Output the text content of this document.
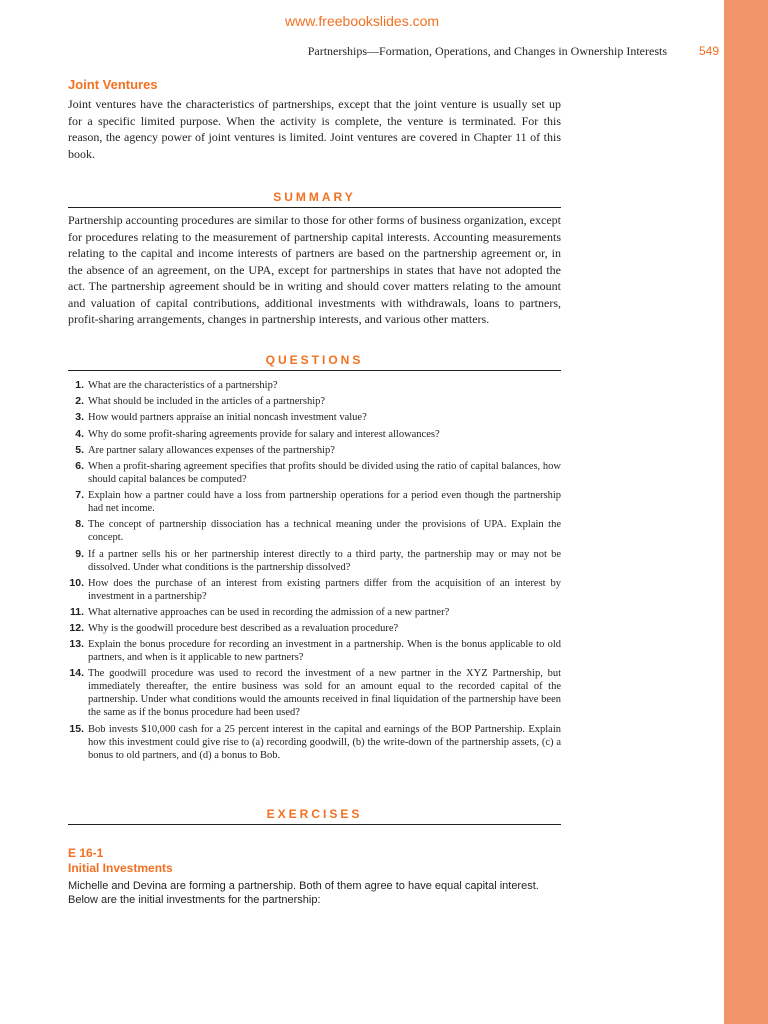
www.freebookslides.com
Partnerships—Formation, Operations, and Changes in Ownership Interests	549
Joint Ventures
Joint ventures have the characteristics of partnerships, except that the joint venture is usually set up for a specific limited purpose. When the activity is complete, the venture is terminated. For this reason, the agency power of joint ventures is limited. Joint ventures are covered in Chapter 11 of this book.
SUMMARY
Partnership accounting procedures are similar to those for other forms of business organization, except for procedures relating to the measurement of partnership capital interests. Accounting measurements relating to the capital and income interests of partners are based on the partnership agreement or, in the absence of an agreement, on the UPA, except for partnerships in states that have not adopted the act. The partnership agreement should be in writing and should cover matters relating to the amount and valuation of capital contributions, additional investments with withdrawals, loans to partners, profit-sharing arrangements, changes in partnership interests, and various other matters.
QUESTIONS
1. What are the characteristics of a partnership?
2. What should be included in the articles of a partnership?
3. How would partners appraise an initial noncash investment value?
4. Why do some profit-sharing agreements provide for salary and interest allowances?
5. Are partner salary allowances expenses of the partnership?
6. When a profit-sharing agreement specifies that profits should be divided using the ratio of capital balances, how should capital balances be computed?
7. Explain how a partner could have a loss from partnership operations for a period even though the partnership had net income.
8. The concept of partnership dissociation has a technical meaning under the provisions of UPA. Explain the concept.
9. If a partner sells his or her partnership interest directly to a third party, the partnership may or may not be dissolved. Under what conditions is the partnership dissolved?
10. How does the purchase of an interest from existing partners differ from the acquisition of an interest by investment in a partnership?
11. What alternative approaches can be used in recording the admission of a new partner?
12. Why is the goodwill procedure best described as a revaluation procedure?
13. Explain the bonus procedure for recording an investment in a partnership. When is the bonus applicable to old partners, and when is it applicable to new partners?
14. The goodwill procedure was used to record the investment of a new partner in the XYZ Partnership, but immediately thereafter, the entire business was sold for an amount equal to the recorded capital of the partnership. Under what conditions would the amounts received in final liquidation of the partnership have been the same as if the bonus procedure had been used?
15. Bob invests $10,000 cash for a 25 percent interest in the capital and earnings of the BOP Partnership. Explain how this investment could give rise to (a) recording goodwill, (b) the write-down of the partnership assets, (c) a bonus to old partners, and (d) a bonus to Bob.
EXERCISES
E 16-1
Initial Investments
Michelle and Devina are forming a partnership. Both of them agree to have equal capital interest. Below are the initial investments for the partnership:
